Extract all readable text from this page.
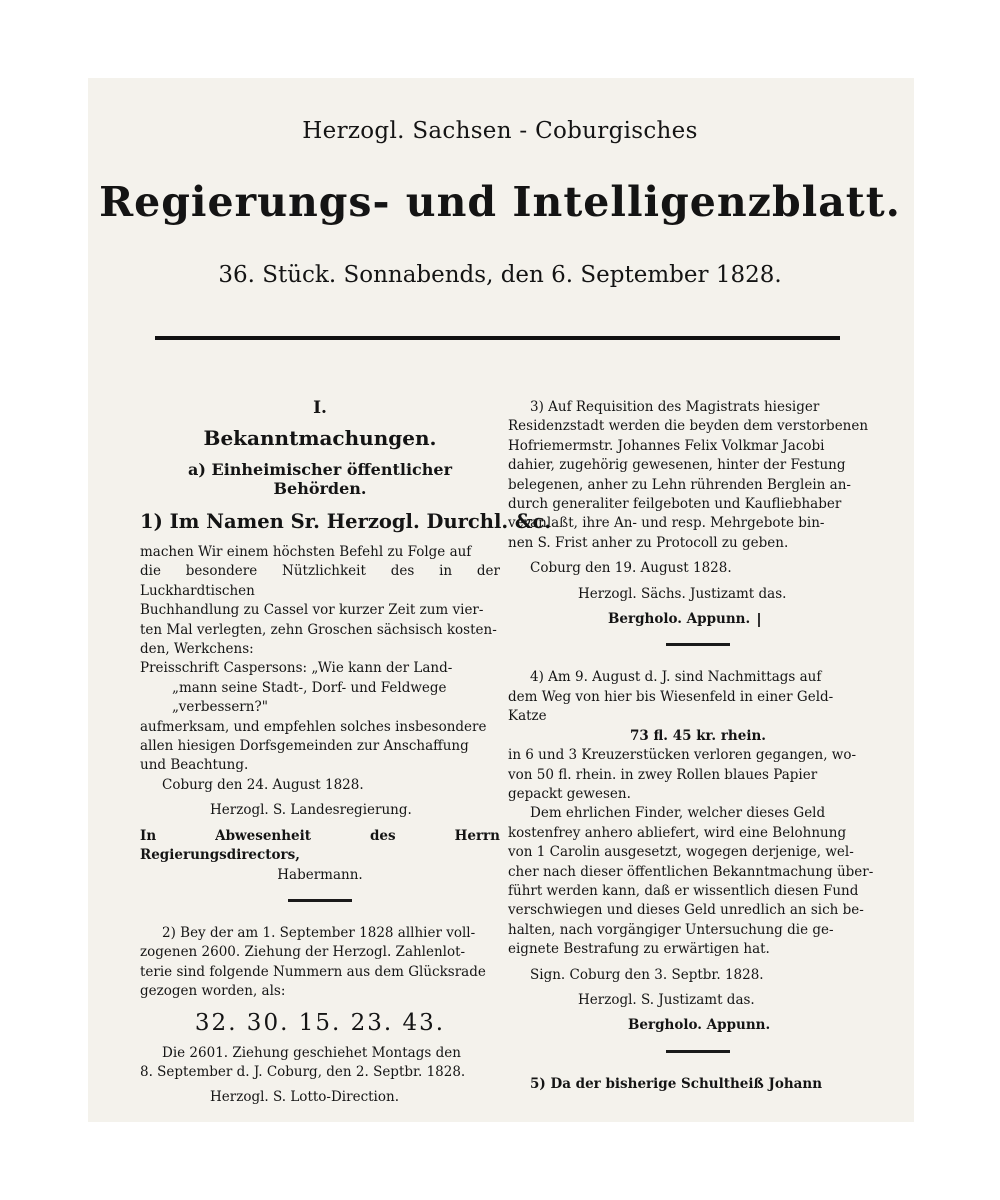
Herzogl. Sachsen - Coburgisches
Regierungs- und Intelligenzblatt.
36. Stück. Sonnabends, den 6. September 1828.
I.
Bekanntmachungen.
a) Einheimischer öffentlicher Behörden.
1) Im Namen Sr. Herzogl. Durchl. &c.

machen Wir einem höchsten Befehl zu Folge auf

die besondere Nützlichkeit des in der Luckhardtischen

Buchhandlung zu Cassel vor kurzer Zeit zum vier-

ten Mal verlegten, zehn Groschen sächsisch kosten-

den, Werkchens:

Preisschrift Caspersons: „Wie kann der Land-

„mann seine Stadt-, Dorf- und Feldwege

„verbessern?"

aufmerksam, und empfehlen solches insbesondere

allen hiesigen Dorfsgemeinden zur Anschaffung

und Beachtung.

Coburg den 24. August 1828.

Herzogl. S. Landesregierung.

In Abwesenheit des Herrn Regierungsdirectors,

Habermann.

2) Bey der am 1. September 1828 allhier voll-

zogenen 2600. Ziehung der Herzogl. Zahlenlot-

terie sind folgende Nummern aus dem Glücksrade

gezogen worden, als:

32. 30. 15. 23. 43.

Die 2601. Ziehung geschiehet Montags den

8. September d. J. Coburg, den 2. Septbr. 1828.

Herzogl. S. Lotto-Direction.

3) Auf Requisition des Magistrats hiesiger

Residenzstadt werden die beyden dem verstorbenen

Hofriemermstr. Johannes Felix Volkmar Jacobi

dahier, zugehörig gewesenen, hinter der Festung

belegenen, anher zu Lehn rührenden Berglein an-

durch generaliter feilgeboten und Kaufliebhaber

veranlaßt, ihre An- und resp. Mehrgebote bin-

nen S. Frist anher zu Protocoll zu geben.

Coburg den 19. August 1828.

Herzogl. Sächs. Justizamt das.

Bergholo. Appunn.

4) Am 9. August d. J. sind Nachmittags auf

dem Weg von hier bis Wiesenfeld in einer Geld-

Katze

73 fl. 45 kr. rhein.

in 6 und 3 Kreuzerstücken verloren gegangen, wo-

von 50 fl. rhein. in zwey Rollen blaues Papier

gepackt gewesen.

Dem ehrlichen Finder, welcher dieses Geld

kostenfrey anhero abliefert, wird eine Belohnung

von 1 Carolin ausgesetzt, wogegen derjenige, wel-

cher nach dieser öffentlichen Bekanntmachung über-

führt werden kann, daß er wissentlich diesen Fund

verschwiegen und dieses Geld unredlich an sich be-

halten, nach vorgängiger Untersuchung die ge-

eignete Bestrafung zu erwärtigen hat.

Sign. Coburg den 3. Septbr. 1828.

Herzogl. S. Justizamt das.

Bergholo. Appunn.

5) Da der bisherige Schultheiß Johann
